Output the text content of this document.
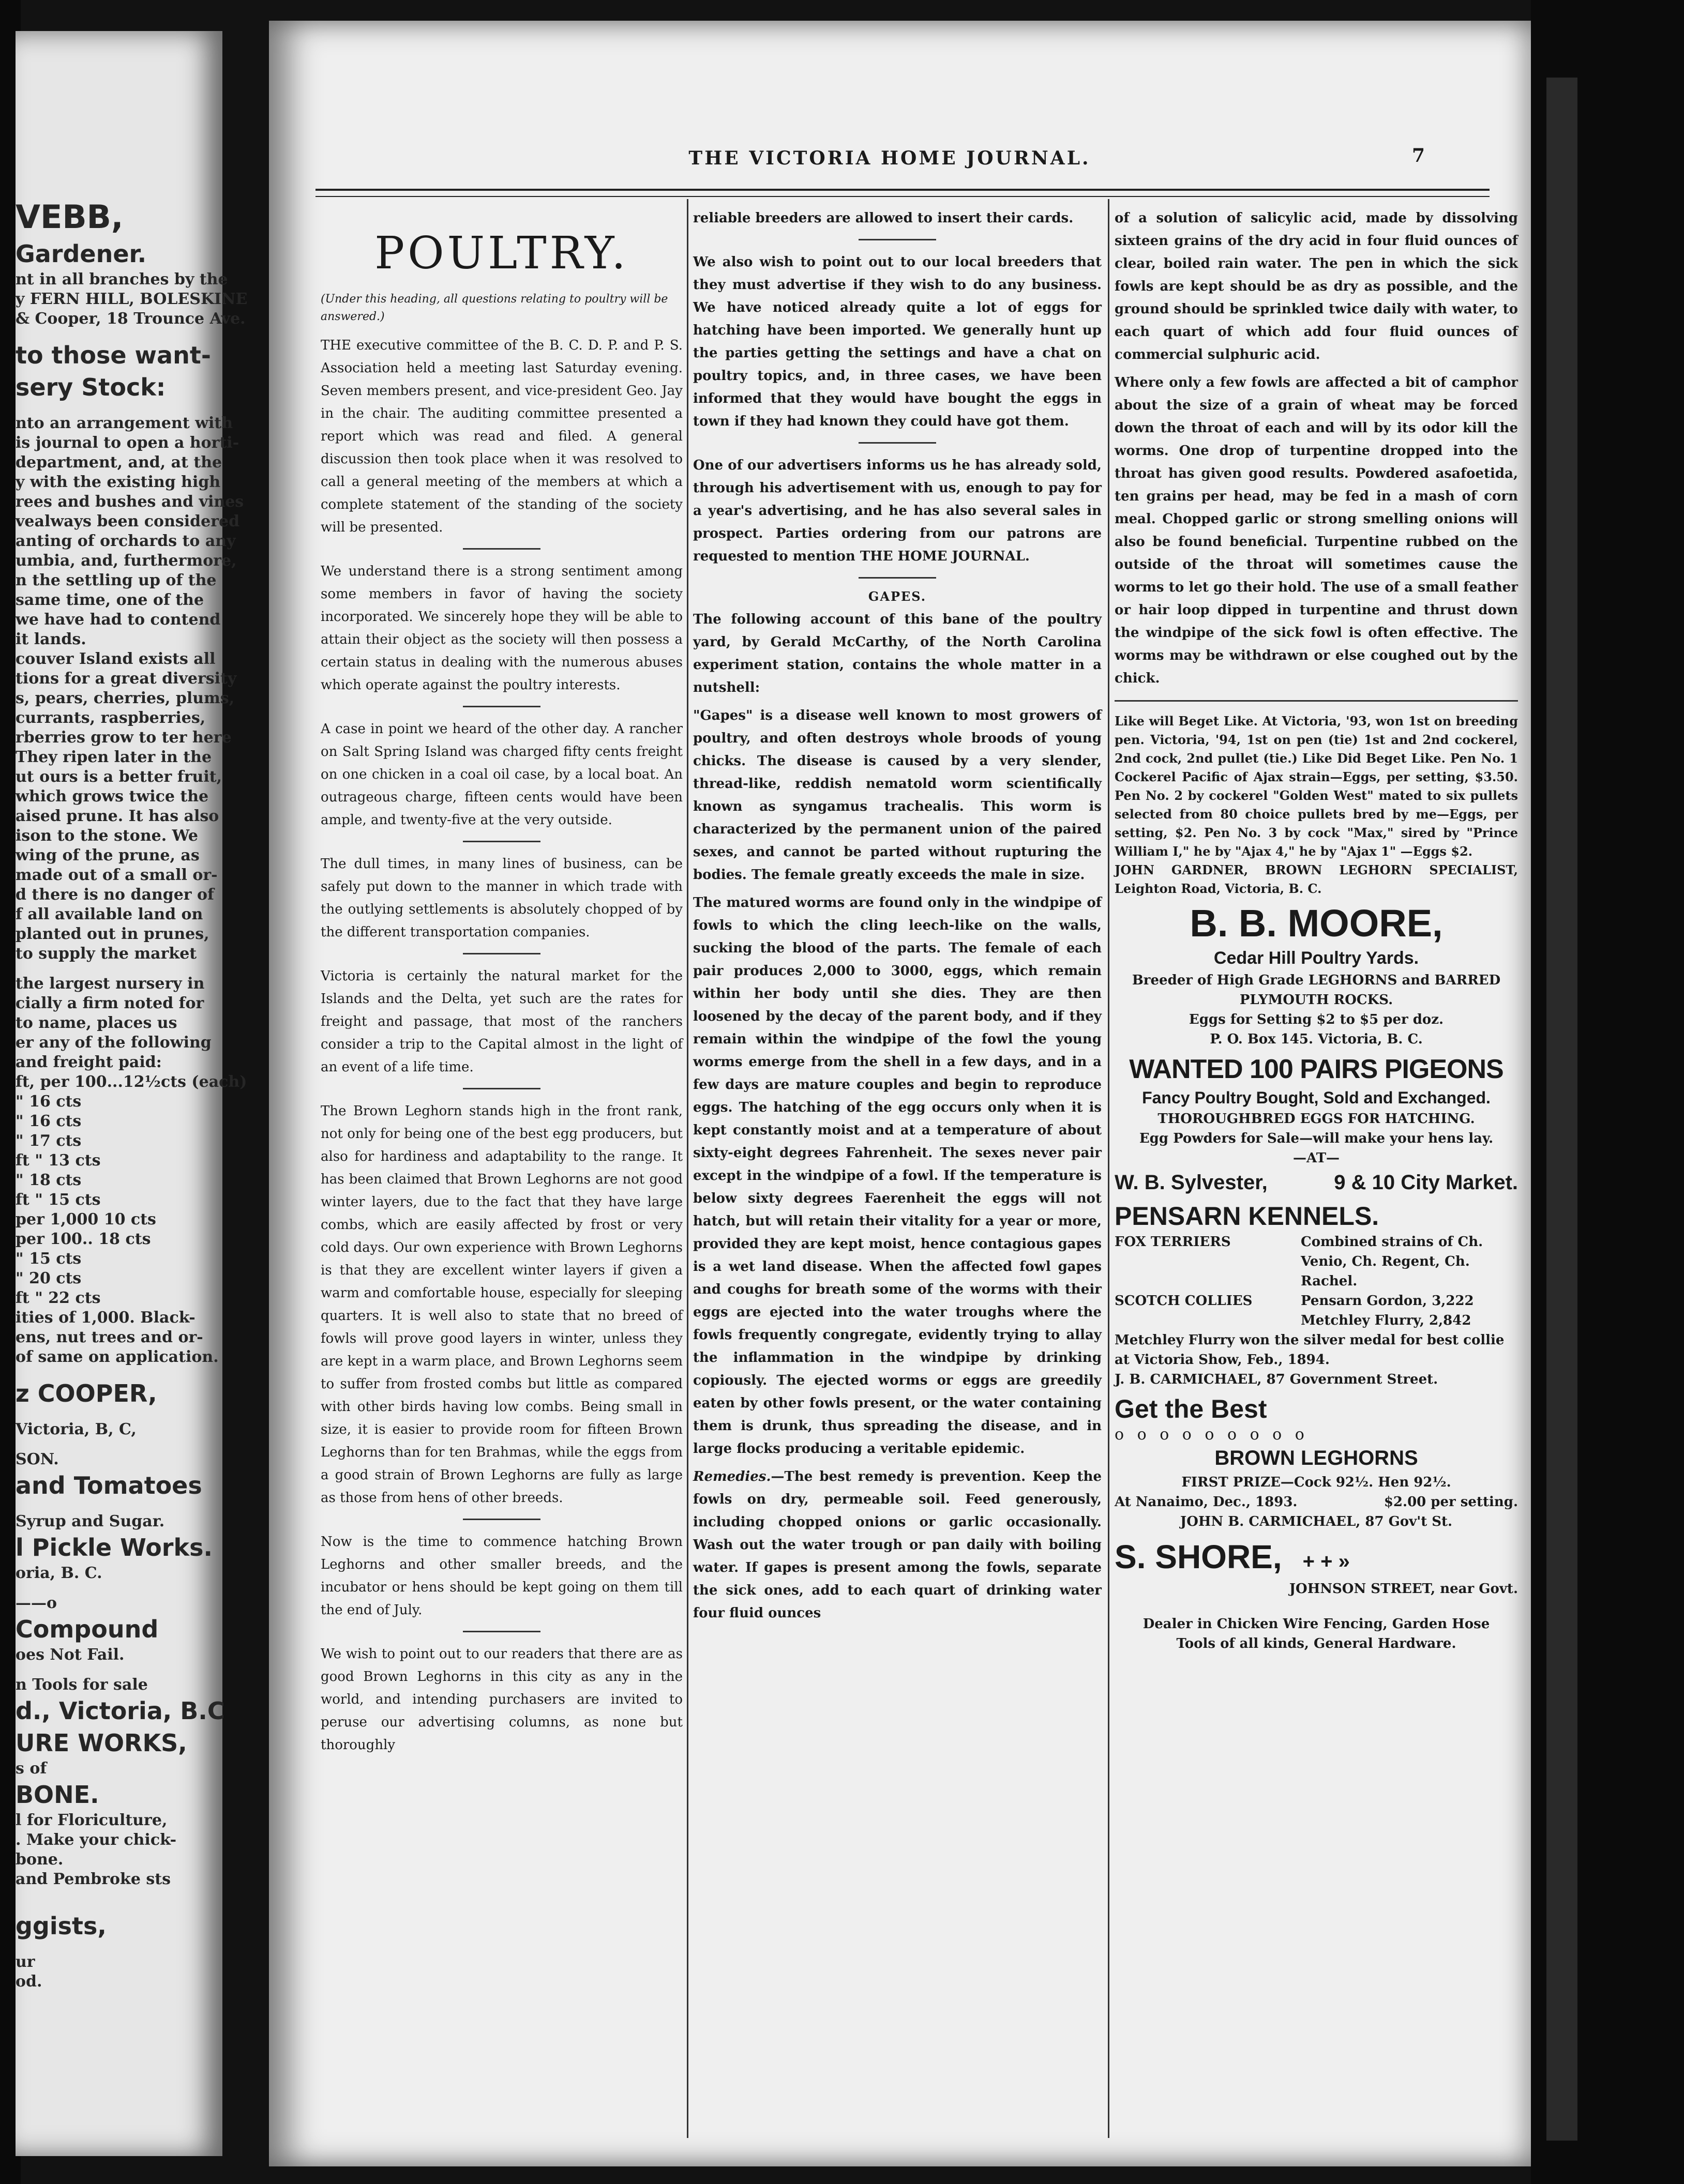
VEBB,
Gardener.
nt in all branches by the
y FERN HILL, BOLESKINE
& Cooper, 18 Trounce Ave.
to those want-
sery Stock:
nto an arrangement with
is journal to open a horti-
department, and, at the
y with the existing high
rees and bushes and vines
vealways been considered
anting of orchards to any
umbia, and, furthermore,
n the settling up of the
same time, one of the
we have had to contend
it lands.
couver Island exists all
tions for a great diversity
s, pears, cherries, plums,
currants, raspberries,
rberries grow to ter here
They ripen later in the
ut ours is a better fruit,
which grows twice the
aised prune. It has also
ison to the stone. We
wing of the prune, as
made out of a small or-
d there is no danger of
f all available land on
planted out in prunes,
to supply the market
the largest nursery in
cially a firm noted for
to name, places us
er any of the following
and freight paid:
ft, per 100...12½cts (each)
" 16 cts
" 16 cts
" 17 cts
ft " 13 cts
" 18 cts
ft " 15 cts
per 1,000 10 cts
per 100.. 18 cts
" 15 cts
" 20 cts
ft " 22 cts
ities of 1,000. Black-
ens, nut trees and or-
of same on application.
z COOPER,
Victoria, B, C,
SON.
and Tomatoes
Syrup and Sugar.
l Pickle Works.
oria, B. C.
——o
Compound
oes Not Fail.
n Tools for sale
d., Victoria, B.C
URE WORKS,
s of
BONE.
l for Floriculture,
. Make your chick-
bone.
and Pembroke sts
ggists,
ur
od.
THE VICTORIA HOME JOURNAL.	7
POULTRY.
(Under this heading, all questions relating to poultry will be answered.)

THE executive committee of the B. C. D. P. and P. S. Association held a meeting last Saturday evening. Seven members present, and vice-president Geo. Jay in the chair. The auditing committee presented a report which was read and filed. A general discussion then took place when it was resolved to call a general meeting of the members at which a complete statement of the standing of the society will be presented.

We understand there is a strong sentiment among some members in favor of having the society incorporated. We sincerely hope they will be able to attain their object as the society will then possess a certain status in dealing with the numerous abuses which operate against the poultry interests.

A case in point we heard of the other day. A rancher on Salt Spring Island was charged fifty cents freight on one chicken in a coal oil case, by a local boat. An outrageous charge, fifteen cents would have been ample, and twenty-five at the very outside.

The dull times, in many lines of business, can be safely put down to the manner in which trade with the outlying settlements is absolutely chopped of by the different transportation companies.

Victoria is certainly the natural market for the Islands and the Delta, yet such are the rates for freight and passage, that most of the ranchers consider a trip to the Capital almost in the light of an event of a life time.

The Brown Leghorn stands high in the front rank, not only for being one of the best egg producers, but also for hardiness and adaptability to the range. It has been claimed that Brown Leghorns are not good winter layers, due to the fact that they have large combs, which are easily affected by frost or very cold days. Our own experience with Brown Leghorns is that they are excellent winter layers if given a warm and comfortable house, especially for sleeping quarters. It is well also to state that no breed of fowls will prove good layers in winter, unless they are kept in a warm place, and Brown Leghorns seem to suffer from frosted combs but little as compared with other birds having low combs. Being small in size, it is easier to provide room for fifteen Brown Leghorns than for ten Brahmas, while the eggs from a good strain of Brown Leghorns are fully as large as those from hens of other breeds.

Now is the time to commence hatching Brown Leghorns and other smaller breeds, and the incubator or hens should be kept going on them till the end of July.

We wish to point out to our readers that there are as good Brown Leghorns in this city as any in the world, and intending purchasers are invited to peruse our advertising columns, as none but thoroughly

reliable breeders are allowed to insert their cards.

We also wish to point out to our local breeders that they must advertise if they wish to do any business. We have noticed already quite a lot of eggs for hatching have been imported. We generally hunt up the parties getting the settings and have a chat on poultry topics, and, in three cases, we have been informed that they would have bought the eggs in town if they had known they could have got them.

One of our advertisers informs us he has already sold, through his advertisement with us, enough to pay for a year's advertising, and he has also several sales in prospect. Parties ordering from our patrons are requested to mention THE HOME JOURNAL.

GAPES.

The following account of this bane of the poultry yard, by Gerald McCarthy, of the North Carolina experiment station, contains the whole matter in a nutshell:

"Gapes" is a disease well known to most growers of poultry, and often destroys whole broods of young chicks. The disease is caused by a very slender, thread-like, reddish nematold worm scientifically known as syngamus trachealis. This worm is characterized by the permanent union of the paired sexes, and cannot be parted without rupturing the bodies. The female greatly exceeds the male in size.

The matured worms are found only in the windpipe of fowls to which the cling leech-like on the walls, sucking the blood of the parts. The female of each pair produces 2,000 to 3000, eggs, which remain within her body until she dies. They are then loosened by the decay of the parent body, and if they remain within the windpipe of the fowl the young worms emerge from the shell in a few days, and in a few days are mature couples and begin to reproduce eggs. The hatching of the egg occurs only when it is kept constantly moist and at a temperature of about sixty-eight degrees Fahrenheit. The sexes never pair except in the windpipe of a fowl. If the temperature is below sixty degrees Faerenheit the eggs will not hatch, but will retain their vitality for a year or more, provided they are kept moist, hence contagious gapes is a wet land disease. When the affected fowl gapes and coughs for breath some of the worms with their eggs are ejected into the water troughs where the fowls frequently congregate, evidently trying to allay the inflammation in the windpipe by drinking copiously. The ejected worms or eggs are greedily eaten by other fowls present, or the water containing them is drunk, thus spreading the disease, and in large flocks producing a veritable epidemic.

Remedies.—The best remedy is prevention. Keep the fowls on dry, permeable soil. Feed generously, including chopped onions or garlic occasionally. Wash out the water trough or pan daily with boiling water. If gapes is present among the fowls, separate the sick ones, add to each quart of drinking water four fluid ounces

of a solution of salicylic acid, made by dissolving sixteen grains of the dry acid in four fluid ounces of clear, boiled rain water. The pen in which the sick fowls are kept should be as dry as possible, and the ground should be sprinkled twice daily with water, to each quart of which add four fluid ounces of commercial sulphuric acid.

Where only a few fowls are affected a bit of camphor about the size of a grain of wheat may be forced down the throat of each and will by its odor kill the worms. One drop of turpentine dropped into the throat has given good results. Powdered asafoetida, ten grains per head, may be fed in a mash of corn meal. Chopped garlic or strong smelling onions will also be found beneficial. Turpentine rubbed on the outside of the throat will sometimes cause the worms to let go their hold. The use of a small feather or hair loop dipped in turpentine and thrust down the windpipe of the sick fowl is often effective. The worms may be withdrawn or else coughed out by the chick.

Like will Beget Like. At Victoria, '93, won 1st on breeding pen. Victoria, '94, 1st on pen (tie) 1st and 2nd cockerel, 2nd cock, 2nd pullet (tie.) Like Did Beget Like. Pen No. 1 Cockerel Pacific of Ajax strain—Eggs, per setting, $3.50. Pen No. 2 by cockerel "Golden West" mated to six pullets selected from 80 choice pullets bred by me—Eggs, per setting, $2. Pen No. 3 by cock "Max," sired by "Prince William I," he by "Ajax 4," he by "Ajax 1" —Eggs $2.
JOHN GARDNER, BROWN LEGHORN SPECIALIST, Leighton Road, Victoria, B. C.
B. B. MOORE,
Cedar Hill Poultry Yards.
Breeder of High Grade LEGHORNS and BARRED PLYMOUTH ROCKS.
Eggs for Setting $2 to $5 per doz.
P. O. Box 145. Victoria, B. C.
WANTED 100 PAIRS PIGEONS
Fancy Poultry Bought, Sold and Exchanged.
THOROUGHBRED EGGS FOR HATCHING.
Egg Powders for Sale—will make your hens lay.
—AT—
W. B. Sylvester,	9 & 10 City Market.
PENSARN KENNELS.
FOX TERRIERS	Combined strains of Ch. Venio, Ch. Regent, Ch. Rachel.
SCOTCH COLLIES	Pensarn Gordon, 3,222 Metchley Flurry, 2,842
Metchley Flurry won the silver medal for best collie at Victoria Show, Feb., 1894.
J. B. CARMICHAEL, 87 Government Street.
Get the Best
o o o o o o o o o
BROWN LEGHORNS
FIRST PRIZE—Cock 92½. Hen 92½.
At Nanaimo, Dec., 1893.	$2.00 per setting.
JOHN B. CARMICHAEL, 87 Gov't St.
S. SHORE, + + »
JOHNSON STREET, near Govt.
Dealer in Chicken Wire Fencing, Garden Hose
Tools of all kinds, General Hardware.
